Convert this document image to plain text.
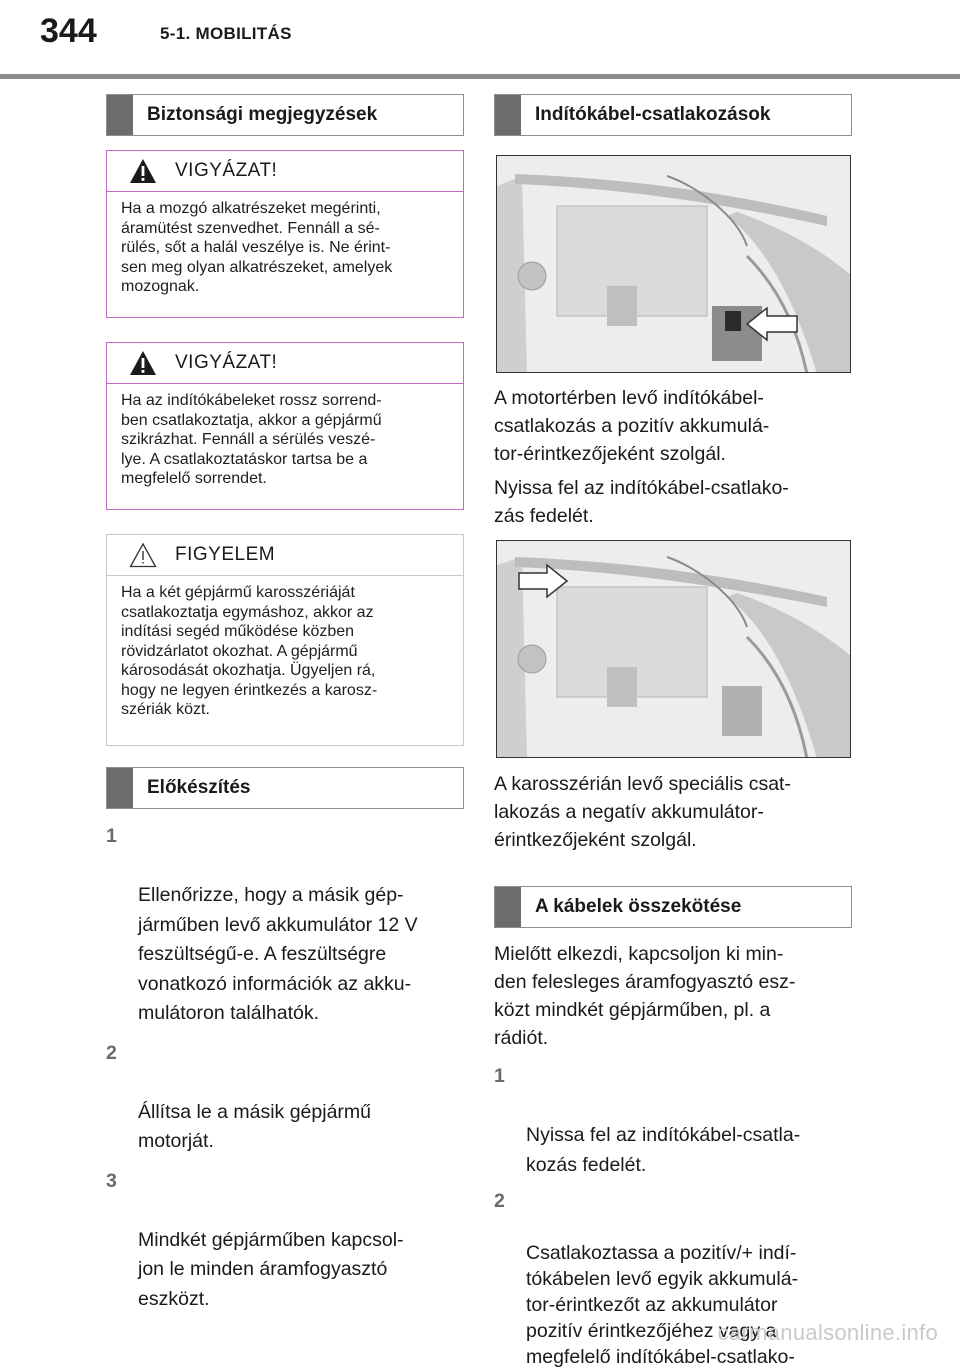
344	5-1. MOBILITÁS
Biztonsági megjegyzések
VIGYÁZAT!
Ha a mozgó alkatrészeket megérinti,
áramütést szenvedhet. Fennáll a sé-
rülés, sőt a halál veszélye is. Ne érint-
sen meg olyan alkatrészeket, amelyek
mozognak.
VIGYÁZAT!
Ha az indítókábeleket rossz sorrend-
ben csatlakoztatja, akkor a gépjármű
szikrázhat. Fennáll a sérülés veszé-
lye. A csatlakoztatáskor tartsa be a
megfelelő sorrendet.
FIGYELEM
Ha a két gépjármű karosszériáját
csatlakoztatja egymáshoz, akkor az
indítási segéd működése közben
rövidzárlatot okozhat. A gépjármű
károsodását okozhatja. Ügyeljen rá,
hogy ne legyen érintkezés a karosz-
szériák közt.
Előkészítés

1

Ellenőrizze, hogy a másik gép-
járműben levő akkumulátor 12 V
feszültségű-e. A feszültségre
vonatkozó információk az akku-
mulátoron találhatók.

2

Állítsa le a másik gépjármű
motorját.

3

Mindkét gépjárműben kapcsol-
jon le minden áramfogyasztó
eszközt.

Indítókábel-csatlakozások
A motortérben levő indítókábel-
csatlakozás a pozitív akkumulá-
tor-érintkezőjeként szolgál.
Nyissa fel az indítókábel-csatlako-
zás fedelét.
A karosszérián levő speciális csat-
lakozás a negatív akkumulátor-
érintkezőjeként szolgál.
A kábelek összekötése
Mielőtt elkezdi, kapcsoljon ki min-
den felesleges áramfogyasztó esz-
közt mindkét gépjárműben, pl. a
rádiót.

1

Nyissa fel az indítókábel-csatla-
kozás fedelét.

2

Csatlakoztassa a pozitív/+ indí-
tókábelen levő egyik akkumulá-
tor-érintkezőt az akkumulátor
pozitív érintkezőjéhez vagy a
megfelelő indítókábel-csatlako-

carmanualsonline.info
